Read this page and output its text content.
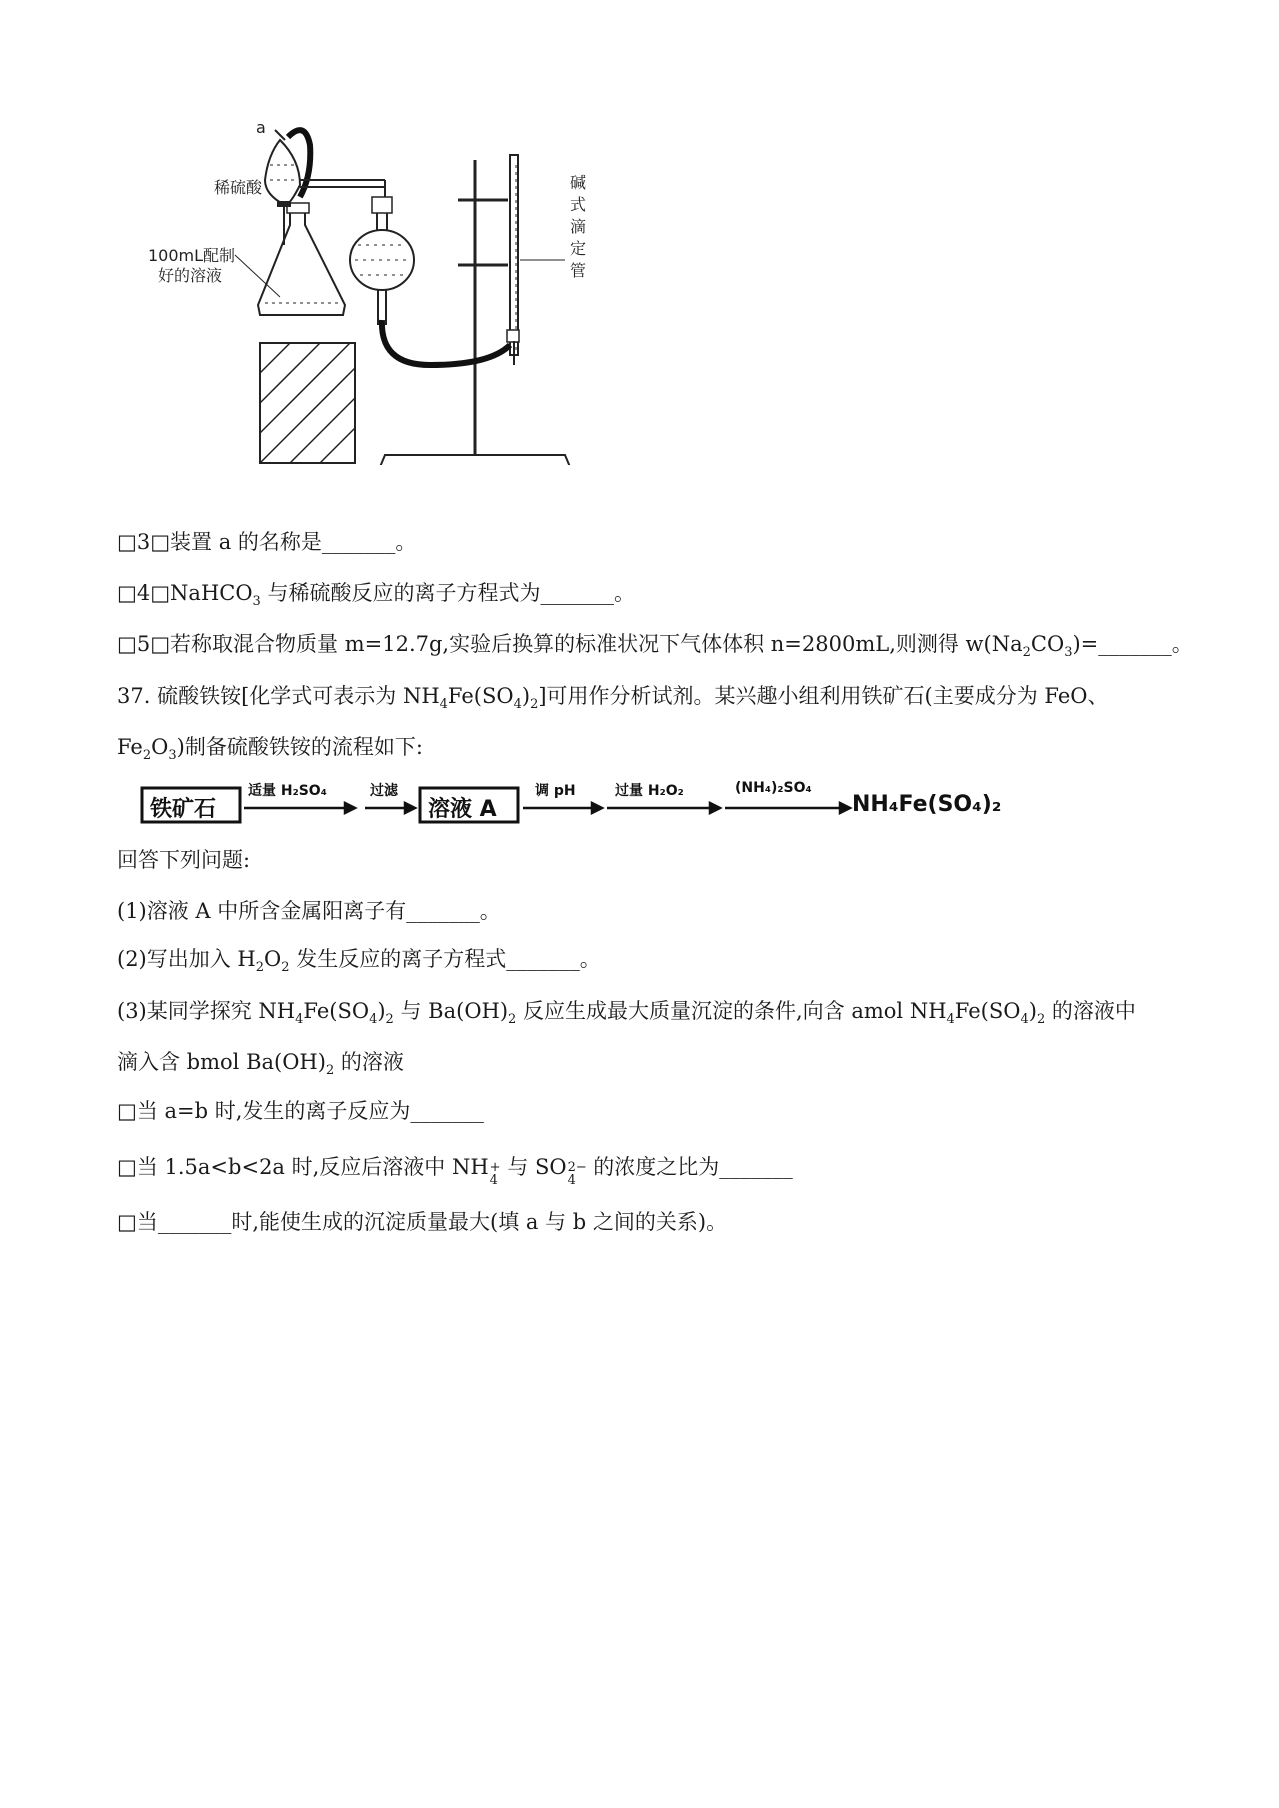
a
稀硫酸
100mL配制
好的溶液
碱
式
滴
定
管
□3□装置 a 的名称是_______。
□4□NaHCO$_3$ 与稀硫酸反应的离子方程式为_______。
□5□若称取混合物质量 m=12.7g,实验后换算的标准状况下气体体积 n=2800mL,则测得 $w(Na_2CO_3)=\_\_\_\_\_\_\_$。
37. 硫酸铁铵[化学式可表示为 $NH_4Fe(SO_4)_2$]可用作分析试剂。某兴趣小组利用铁矿石(主要成分为 FeO、
$Fe_2O_3$)制备硫酸铁铵的流程如下:
铁矿石
适量 H₂SO₄	过滤
溶液 A
调 pH	过量 H₂O₂	(NH₄)₂SO₄
NH₄Fe(SO₄)₂
回答下列问题:
(1)溶液 A 中所含金属阳离子有_______。
(2)写出加入 $H_2O_2$ 发生反应的离子方程式_______。
(3)某同学探究 $NH_4Fe(SO_4)_2$ 与 $Ba(OH)_2$ 反应生成最大质量沉淀的条件,向含 amol $NH_4Fe(SO_4)_2$ 的溶液中
滴入含 bmol $Ba(OH)_2$ 的溶液
□当 a=b 时,发生的离子反应为_______
□当 1.5a<b<2a 时,反应后溶液中 NH +
4
与 SO 2−
4
的浓度之比为_______
□当_______时,能使生成的沉淀质量最大(填 a 与 b 之间的关系)。
